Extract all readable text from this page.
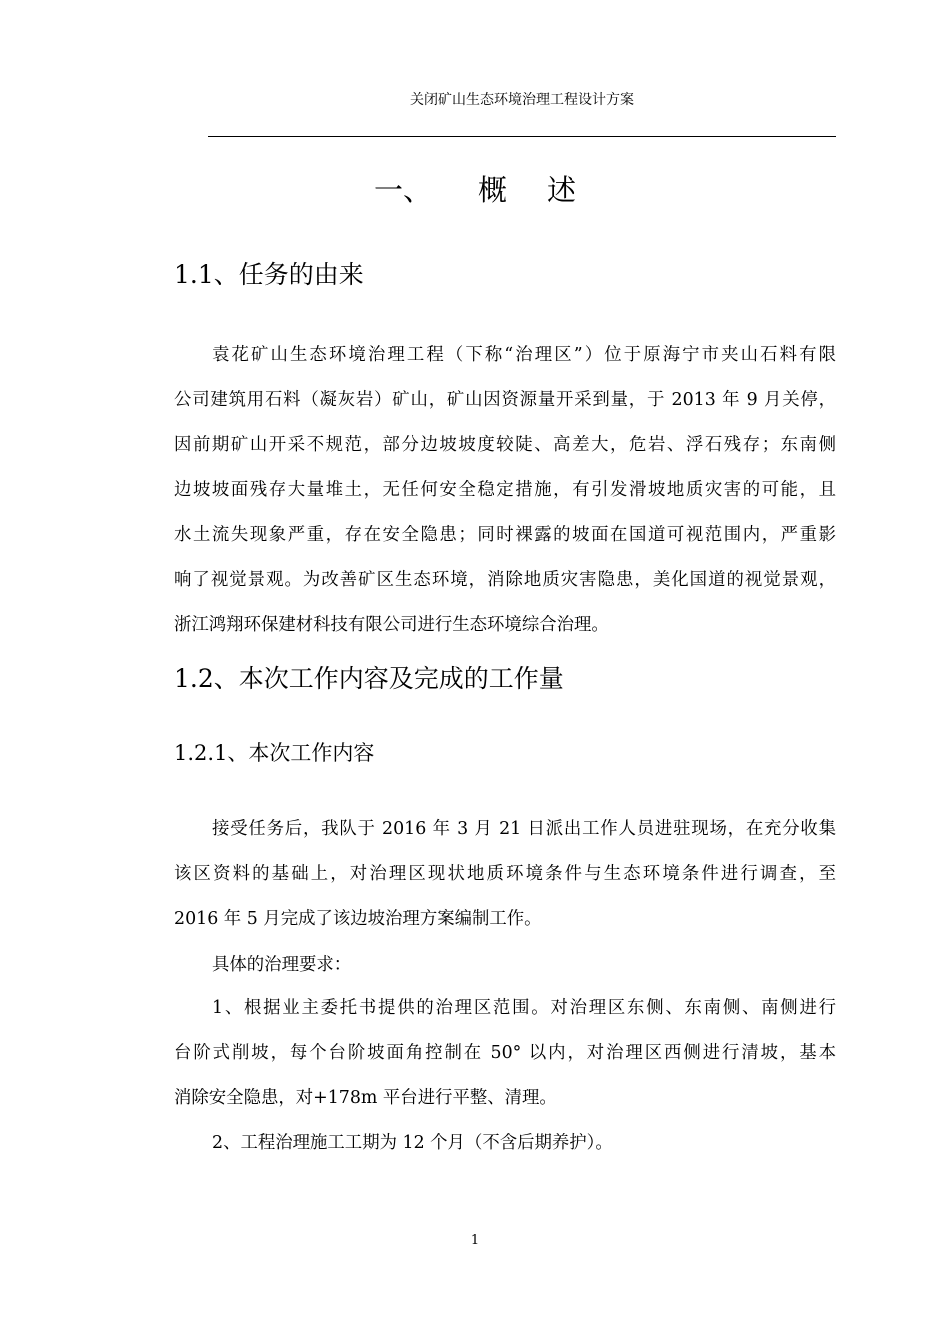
关闭矿山生态环境治理工程设计方案
一、 概述
1.1、任务的由来
袁花矿山生态环境治理工程（下称“治理区”）位于原海宁市夹山石料有限
公司建筑用石料（凝灰岩）矿山，矿山因资源量开采到量，于 2013 年 9 月关停，
因前期矿山开采不规范，部分边坡坡度较陡、高差大，危岩、浮石残存；东南侧
边坡坡面残存大量堆土，无任何安全稳定措施，有引发滑坡地质灾害的可能，且
水土流失现象严重，存在安全隐患；同时裸露的坡面在国道可视范围内，严重影
响了视觉景观。为改善矿区生态环境，消除地质灾害隐患，美化国道的视觉景观，
浙江鸿翔环保建材科技有限公司进行生态环境综合治理。
1.2、本次工作内容及完成的工作量
1.2.1、本次工作内容
接受任务后，我队于 2016 年 3 月 21 日派出工作人员进驻现场，在充分收集
该区资料的基础上，对治理区现状地质环境条件与生态环境条件进行调查，至
2016 年 5 月完成了该边坡治理方案编制工作。
具体的治理要求：
1、根据业主委托书提供的治理区范围。对治理区东侧、东南侧、南侧进行
台阶式削坡，每个台阶坡面角控制在 50° 以内，对治理区西侧进行清坡，基本
消除安全隐患，对+178m 平台进行平整、清理。
2、工程治理施工工期为 12 个月（不含后期养护）。
1
